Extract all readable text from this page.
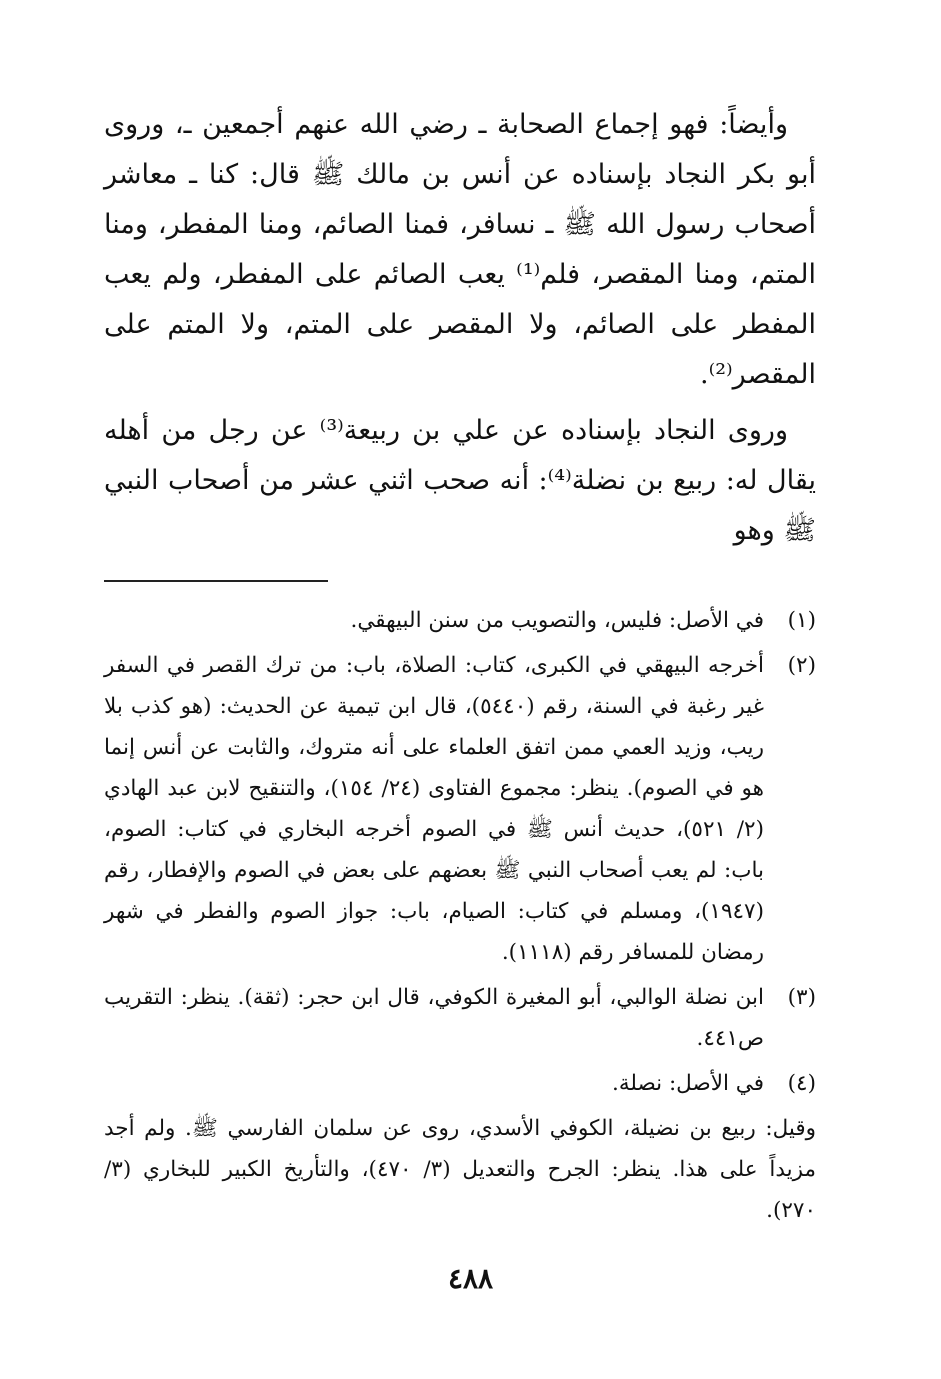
وأيضاً: فهو إجماع الصحابة ـ رضي الله عنهم أجمعين ـ، وروى أبو بكر النجاد بإسناده عن أنس بن مالك ﷺ قال: كنا ـ معاشر أصحاب رسول الله ﷺ ـ نسافر، فمنا الصائم، ومنا المفطر، ومنا المتم، ومنا المقصر، فلم⁽¹⁾ يعب الصائم على المفطر، ولم يعب المفطر على الصائم، ولا المقصر على المتم، ولا المتم على المقصر⁽²⁾.

وروى النجاد بإسناده عن علي بن ربيعة⁽³⁾ عن رجل من أهله يقال له: ربيع بن نضلة⁽⁴⁾: أنه صحب اثني عشر من أصحاب النبي ﷺ وهو

(١)
في الأصل: فليس، والتصويب من سنن البيهقي.
(٢)
أخرجه البيهقي في الكبرى، كتاب: الصلاة، باب: من ترك القصر في السفر غير رغبة في السنة، رقم (٥٤٤٠)، قال ابن تيمية عن الحديث: (هو كذب بلا ريب، وزيد العمي ممن اتفق العلماء على أنه متروك، والثابت عن أنس إنما هو في الصوم). ينظر: مجموع الفتاوى (٢٤/ ١٥٤)، والتنقيح لابن عبد الهادي (٢/ ٥٢١)، حديث أنس ﷺ في الصوم أخرجه البخاري في كتاب: الصوم، باب: لم يعب أصحاب النبي ﷺ بعضهم على بعض في الصوم والإفطار، رقم (١٩٤٧)، ومسلم في كتاب: الصيام، باب: جواز الصوم والفطر في شهر رمضان للمسافر رقم (١١١٨).
(٣)
ابن نضلة الوالبي، أبو المغيرة الكوفي، قال ابن حجر: (ثقة). ينظر: التقريب ص٤٤١.
(٤)
في الأصل: نصلة.
وقيل: ربيع بن نضيلة، الكوفي الأسدي، روى عن سلمان الفارسي ﷺ. ولم أجد مزيداً على هذا. ينظر: الجرح والتعديل (٣/ ٤٧٠)، والتأريخ الكبير للبخاري (٣/ ٢٧٠).
٤٨٨
